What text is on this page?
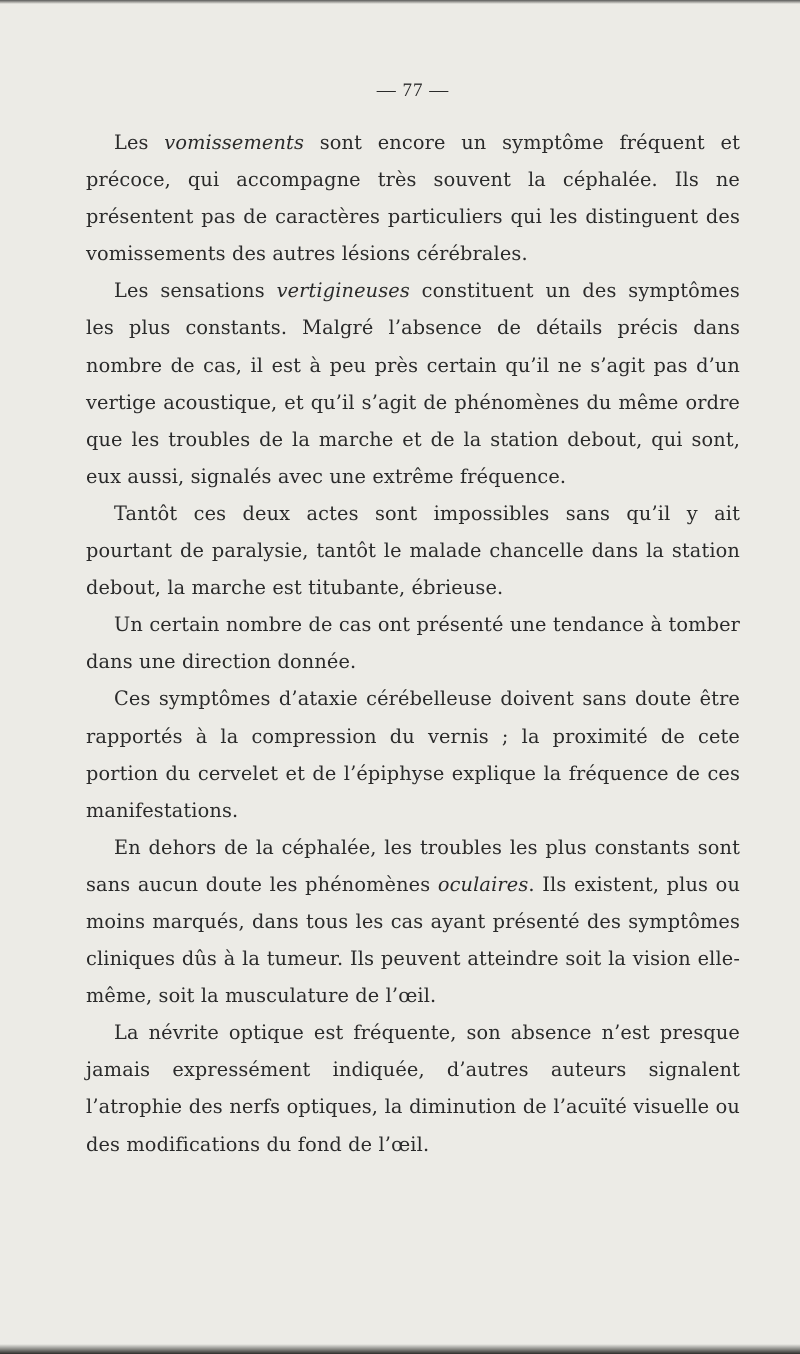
— 77 —

Les vomissements sont encore un symptôme fréquent et précoce, qui accompagne très souvent la céphalée. Ils ne présentent pas de caractères particuliers qui les distinguent des vomissements des autres lésions cérébrales.

Les sensations vertigineuses constituent un des symptômes les plus constants. Malgré l’absence de détails précis dans nombre de cas, il est à peu près certain qu’il ne s’agit pas d’un vertige acoustique, et qu’il s’agit de phénomènes du même ordre que les troubles de la marche et de la station debout, qui sont, eux aussi, signalés avec une extrême fréquence.

Tantôt ces deux actes sont impossibles sans qu’il y ait pourtant de paralysie, tantôt le malade chancelle dans la station debout, la marche est titubante, ébrieuse.

Un certain nombre de cas ont présenté une tendance à tomber dans une direction donnée.

Ces symptômes d’ataxie cérébelleuse doivent sans doute être rapportés à la compression du vernis ; la proximité de cete portion du cervelet et de l’épiphyse explique la fréquence de ces manifestations.

En dehors de la céphalée, les troubles les plus constants sont sans aucun doute les phénomènes oculaires. Ils existent, plus ou moins marqués, dans tous les cas ayant présenté des symptômes cliniques dûs à la tumeur. Ils peuvent atteindre soit la vision elle-même, soit la musculature de l’œil.

La névrite optique est fréquente, son absence n’est presque jamais expressément indiquée, d’autres auteurs signalent l’atrophie des nerfs optiques, la diminution de l’acuïté visuelle ou des modifications du fond de l’œil.
